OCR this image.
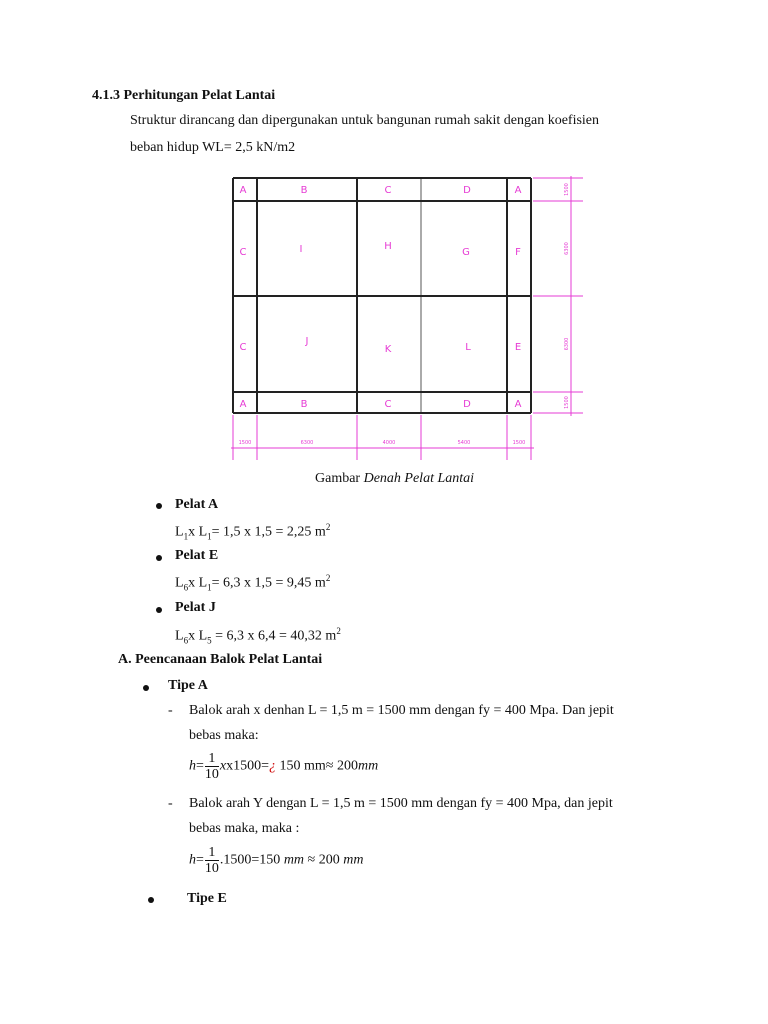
4.1.3 Perhitungan Pelat Lantai
Struktur dirancang dan dipergunakan untuk bangunan rumah sakit dengan koefisien
beban hidup WL= 2,5 kN/m2
A	B	C	D	A
C	I	H
G	F
C
J
K	L	E
A	B	C	D	A
1500	6300	4000	5400	1500
1500
6300
6300
1500
Gambar Denah Pelat Lantai
Pelat A
$L_1x$ $L_1= 1,5$ x 1,5 = 2,25 $m^2$
Pelat E
$L_6x$ $L_1= 6,3$ x 1,5 = 9,45 $m^2$
Pelat J
$L_6x$ $L_5 = 6,3$ x 6,4 = 40,32 $m^2$
A. Peencanaan Balok Pelat Lantai
Tipe A
- Balok arah x denhan L = 1,5 m = 1500 mm dengan fy = 400 Mpa. Dan jepit
bebas maka:
$h= \frac{1}{10}$ xx1500=¿ 150 mm≈ 200mm
- Balok arah Y dengan L = 1,5 m = 1500 mm dengan fy = 400 Mpa, dan jepit
bebas maka, maka :
$h= \frac{1}{10} .1500=150$ mm ≈ 200 mm
Tipe E
